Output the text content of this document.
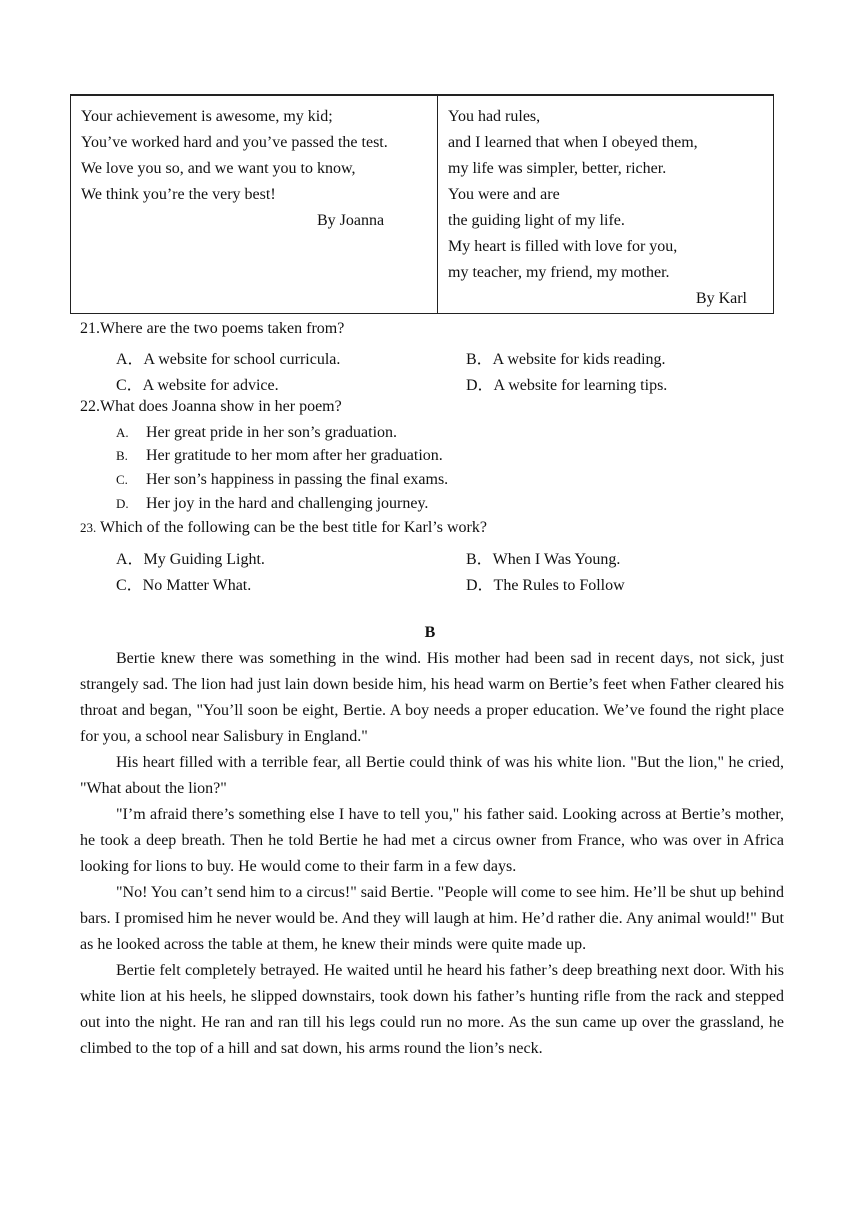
Your achievement is awesome, my kid;
You’ve worked hard and you’ve passed the test.
We love you so, and we want you to know,
We think you’re the very best!
By Joanna
You had rules,
and I learned that when I obeyed them,
my life was simpler, better, richer.
You were and are
the guiding light of my life.
My heart is filled with love for you,
my teacher, my friend, my mother.
By Karl
21.Where are the two poems taken from?
A．A website for school curricula.	B．A website for kids reading.
C．A website for advice.	D．A website for learning tips.
22.What does Joanna show in her poem?
A. Her great pride in her son’s graduation.
B. Her gratitude to her mom after her graduation.
C. Her son’s happiness in passing the final exams.
D. Her joy in the hard and challenging journey.
23. Which of the following can be the best title for Karl’s work?
A．My Guiding Light.	B．When I Was Young.
C．No Matter What.	D．The Rules to Follow
B

Bertie knew there was something in the wind. His mother had been sad in recent days, not sick, just strangely sad. The lion had just lain down beside him, his head warm on Bertie’s feet when Father cleared his throat and began, "You’ll soon be eight, Bertie. A boy needs a proper education. We’ve found the right place for you, a school near Salisbury in England."

His heart filled with a terrible fear, all Bertie could think of was his white lion. "But the lion," he cried, "What about the lion?"

"I’m afraid there’s something else I have to tell you," his father said. Looking across at Bertie’s mother, he took a deep breath. Then he told Bertie he had met a circus owner from France, who was over in Africa looking for lions to buy. He would come to their farm in a few days.

"No! You can’t send him to a circus!" said Bertie. "People will come to see him. He’ll be shut up behind bars. I promised him he never would be. And they will laugh at him. He’d rather die. Any animal would!" But as he looked across the table at them, he knew their minds were quite made up.

Bertie felt completely betrayed. He waited until he heard his father’s deep breathing next door. With his white lion at his heels, he slipped downstairs, took down his father’s hunting rifle from the rack and stepped out into the night. He ran and ran till his legs could run no more. As the sun came up over the grassland, he climbed to the top of a hill and sat down, his arms round the lion’s neck.
